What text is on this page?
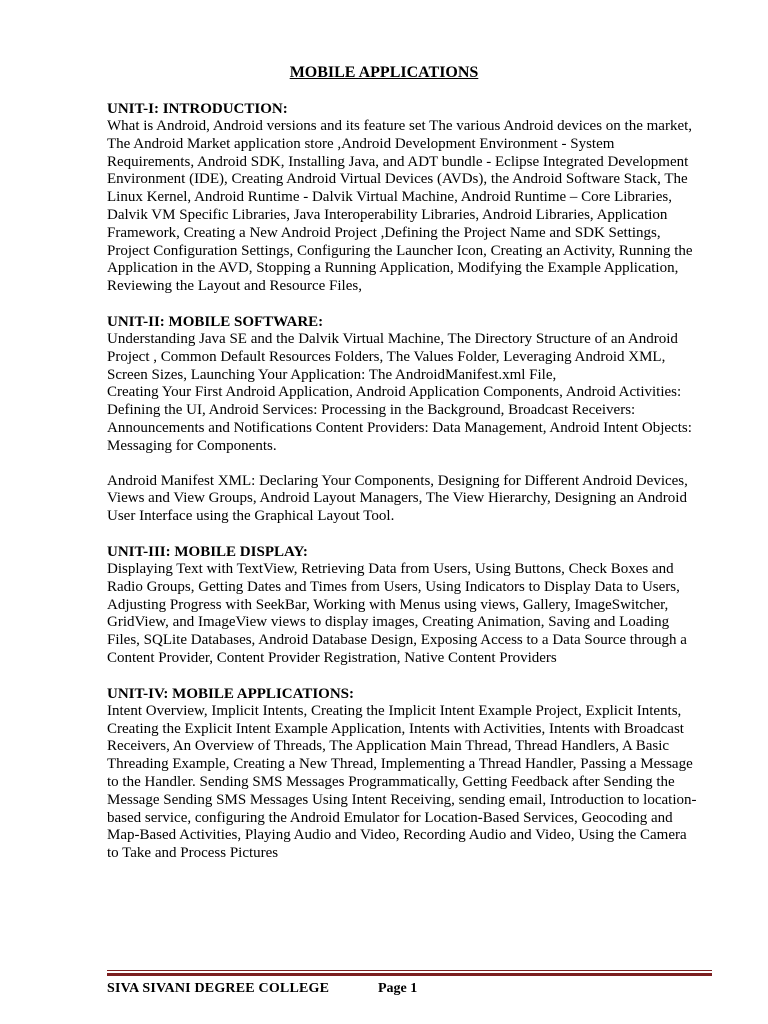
MOBILE APPLICATIONS
UNIT-I: INTRODUCTION:

What is Android, Android versions and its feature set The various Android devices on the market, The Android Market application store ,Android Development Environment - System Requirements, Android SDK, Installing Java, and ADT bundle - Eclipse Integrated Development Environment (IDE), Creating Android Virtual Devices (AVDs), the Android Software Stack, The Linux Kernel, Android Runtime - Dalvik Virtual Machine, Android Runtime – Core Libraries, Dalvik VM Specific Libraries, Java Interoperability Libraries, Android Libraries, Application Framework, Creating a New Android Project ,Defining the Project Name and SDK Settings, Project Configuration Settings, Configuring the Launcher Icon, Creating an Activity, Running the Application in the AVD, Stopping a Running Application, Modifying the Example Application, Reviewing the Layout and Resource Files,

UNIT-II: MOBILE SOFTWARE:

Understanding Java SE and the Dalvik Virtual Machine, The Directory Structure of an Android Project , Common Default Resources Folders, The Values Folder, Leveraging Android XML, Screen Sizes, Launching Your Application: The AndroidManifest.xml File,

Creating Your First Android Application, Android Application Components, Android Activities: Defining the UI, Android Services: Processing in the Background, Broadcast Receivers: Announcements and Notifications Content Providers: Data Management, Android Intent Objects: Messaging for Components.

Android Manifest XML: Declaring Your Components, Designing for Different Android Devices, Views and View Groups, Android Layout Managers, The View Hierarchy, Designing an Android User Interface using the Graphical Layout Tool.

UNIT-III: MOBILE DISPLAY:

Displaying Text with TextView, Retrieving Data from Users, Using Buttons, Check Boxes and Radio Groups, Getting Dates and Times from Users, Using Indicators to Display Data to Users, Adjusting Progress with SeekBar, Working with Menus using views, Gallery, ImageSwitcher, GridView, and ImageView views to display images, Creating Animation, Saving and Loading Files, SQLite Databases, Android Database Design, Exposing Access to a Data Source through a Content Provider, Content Provider Registration, Native Content Providers

UNIT-IV: MOBILE APPLICATIONS:

Intent Overview, Implicit Intents, Creating the Implicit Intent Example Project, Explicit Intents, Creating the Explicit Intent Example Application, Intents with Activities, Intents with Broadcast Receivers, An Overview of Threads, The Application Main Thread, Thread Handlers, A Basic Threading Example, Creating a New Thread, Implementing a Thread Handler, Passing a Message to the Handler. Sending SMS Messages Programmatically, Getting Feedback after Sending the Message Sending SMS Messages Using Intent Receiving, sending email, Introduction to location-based service, configuring the Android Emulator for Location-Based Services, Geocoding and Map-Based Activities, Playing Audio and Video, Recording Audio and Video, Using the Camera to Take and Process Pictures

SIVA SIVANI DEGREE COLLEGE	Page 1
